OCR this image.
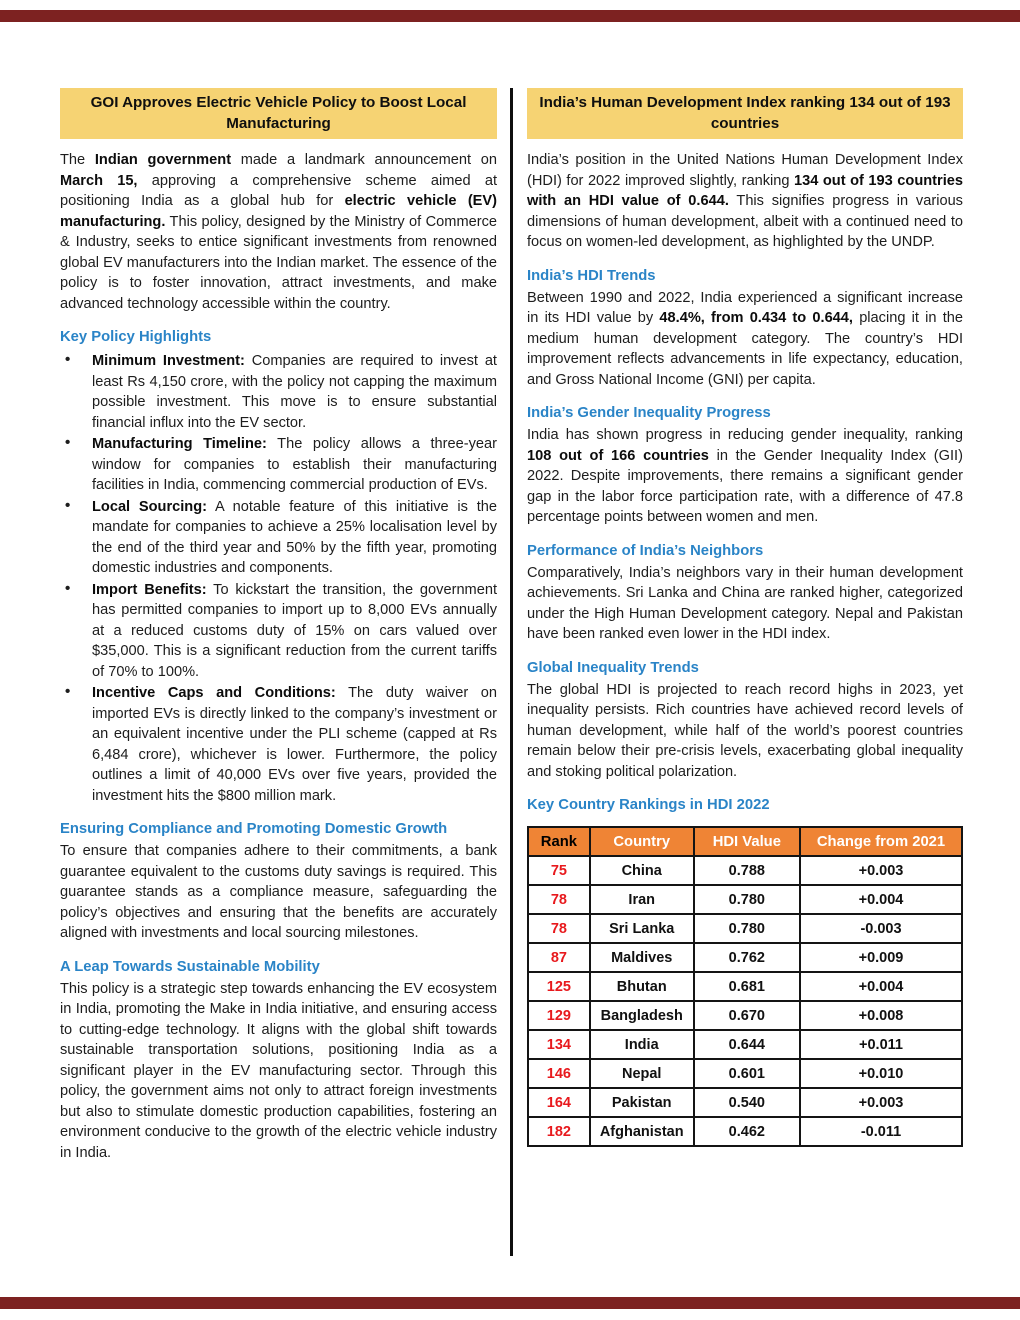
GOI Approves Electric Vehicle Policy to Boost Local Manufacturing

The Indian government made a landmark announcement on March 15, approving a comprehensive scheme aimed at positioning India as a global hub for electric vehicle (EV) manufacturing. This policy, designed by the Ministry of Commerce & Industry, seeks to entice significant investments from renowned global EV manufacturers into the Indian market. The essence of the policy is to foster innovation, attract investments, and make advanced technology accessible within the country.

Key Policy Highlights
• Minimum Investment: Companies are required to invest at least Rs 4,150 crore, with the policy not capping the maximum possible investment. This move is to ensure substantial financial influx into the EV sector.
• Manufacturing Timeline: The policy allows a three-year window for companies to establish their manufacturing facilities in India, commencing commercial production of EVs.
• Local Sourcing: A notable feature of this initiative is the mandate for companies to achieve a 25% localisation level by the end of the third year and 50% by the fifth year, promoting domestic industries and components.
• Import Benefits: To kickstart the transition, the government has permitted companies to import up to 8,000 EVs annually at a reduced customs duty of 15% on cars valued over $35,000. This is a significant reduction from the current tariffs of 70% to 100%.
• Incentive Caps and Conditions: The duty waiver on imported EVs is directly linked to the company’s investment or an equivalent incentive under the PLI scheme (capped at Rs 6,484 crore), whichever is lower. Furthermore, the policy outlines a limit of 40,000 EVs over five years, provided the investment hits the $800 million mark.
Ensuring Compliance and Promoting Domestic Growth

To ensure that companies adhere to their commitments, a bank guarantee equivalent to the customs duty savings is required. This guarantee stands as a compliance measure, safeguarding the policy’s objectives and ensuring that the benefits are accurately aligned with investments and local sourcing milestones.

A Leap Towards Sustainable Mobility

This policy is a strategic step towards enhancing the EV ecosystem in India, promoting the Make in India initiative, and ensuring access to cutting-edge technology. It aligns with the global shift towards sustainable transportation solutions, positioning India as a significant player in the EV manufacturing sector. Through this policy, the government aims not only to attract foreign investments but also to stimulate domestic production capabilities, fostering an environment conducive to the growth of the electric vehicle industry in India.

India’s Human Development Index ranking 134 out of 193 countries

India’s position in the United Nations Human Development Index (HDI) for 2022 improved slightly, ranking 134 out of 193 countries with an HDI value of 0.644. This signifies progress in various dimensions of human development, albeit with a continued need to focus on women-led development, as highlighted by the UNDP.

India’s HDI Trends

Between 1990 and 2022, India experienced a significant increase in its HDI value by 48.4%, from 0.434 to 0.644, placing it in the medium human development category. The country’s HDI improvement reflects advancements in life expectancy, education, and Gross National Income (GNI) per capita.

India’s Gender Inequality Progress

India has shown progress in reducing gender inequality, ranking 108 out of 166 countries in the Gender Inequality Index (GII) 2022. Despite improvements, there remains a significant gender gap in the labor force participation rate, with a difference of 47.8 percentage points between women and men.

Performance of India’s Neighbors

Comparatively, India’s neighbors vary in their human development achievements. Sri Lanka and China are ranked higher, categorized under the High Human Development category. Nepal and Pakistan have been ranked even lower in the HDI index.

Global Inequality Trends

The global HDI is projected to reach record highs in 2023, yet inequality persists. Rich countries have achieved record levels of human development, while half of the world’s poorest countries remain below their pre-crisis levels, exacerbating global inequality and stoking political polarization.

Key Country Rankings in HDI 2022
Rank	Country	HDI Value	Change from 2021
75	China	0.788	+0.003
78	Iran	0.780	+0.004
78	Sri Lanka	0.780	-0.003
87	Maldives	0.762	+0.009
125	Bhutan	0.681	+0.004
129	Bangladesh	0.670	+0.008
134	India	0.644	+0.011
146	Nepal	0.601	+0.010
164	Pakistan	0.540	+0.003
182	Afghanistan	0.462	-0.011
